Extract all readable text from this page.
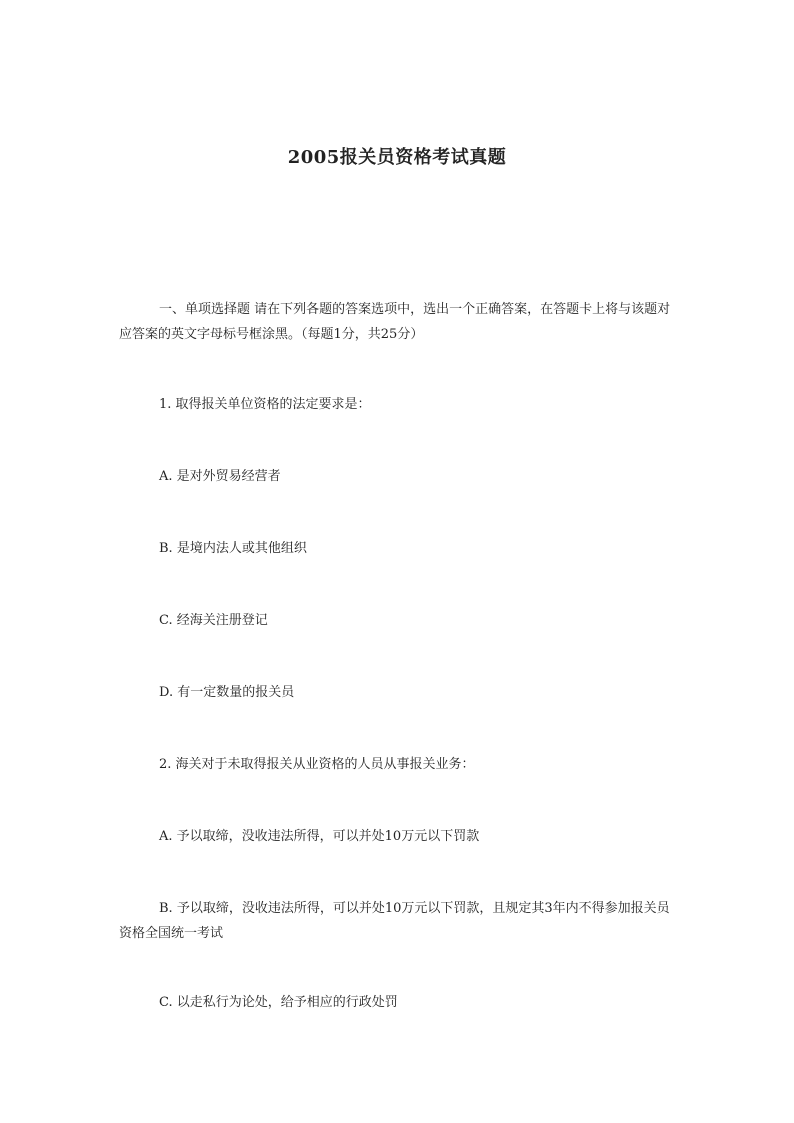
2005报关员资格考试真题

一、单项选择题 请在下列各题的答案选项中，选出一个正确答案，在答题卡上将与该题对应答案的英文字母标号框涂黑。（每题1分，共25分）

1. 取得报关单位资格的法定要求是：

A. 是对外贸易经营者

B. 是境内法人或其他组织

C. 经海关注册登记

D. 有一定数量的报关员

2. 海关对于未取得报关从业资格的人员从事报关业务：

A. 予以取缔，没收违法所得，可以并处10万元以下罚款

B. 予以取缔，没收违法所得，可以并处10万元以下罚款，且规定其3年内不得参加报关员资格全国统一考试

C. 以走私行为论处，给予相应的行政处罚
